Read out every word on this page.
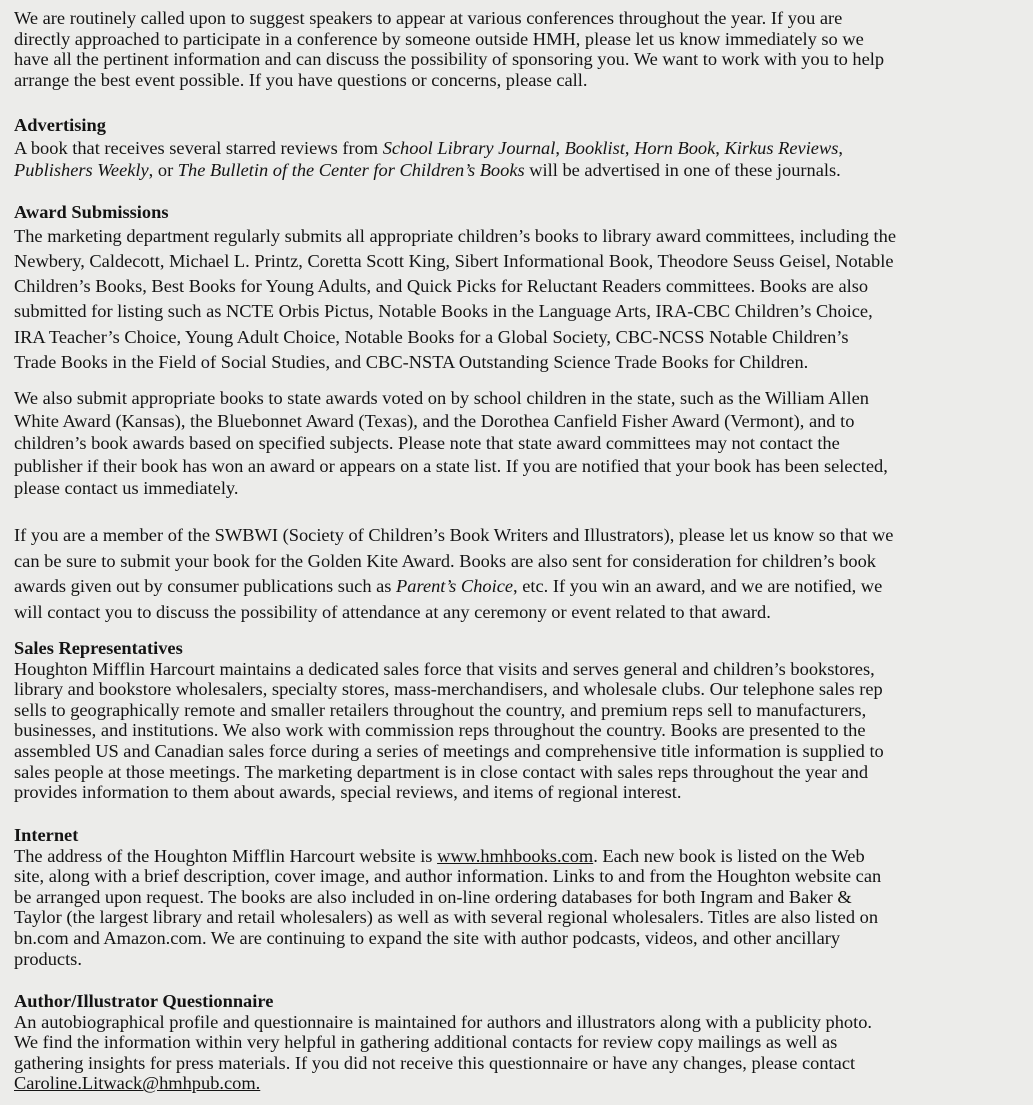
We are routinely called upon to suggest speakers to appear at various conferences throughout the year. If you are
directly approached to participate in a conference by someone outside HMH, please let us know immediately so we
have all the pertinent information and can discuss the possibility of sponsoring you. We want to work with you to help
arrange the best event possible. If you have questions or concerns, please call.
Advertising
A book that receives several starred reviews from School Library Journal, Booklist, Horn Book, Kirkus Reviews,
Publishers Weekly, or The Bulletin of the Center for Children’s Books will be advertised in one of these journals.
Award Submissions
The marketing department regularly submits all appropriate children’s books to library award committees, including the
Newbery, Caldecott, Michael L. Printz, Coretta Scott King, Sibert Informational Book, Theodore Seuss Geisel, Notable
Children’s Books, Best Books for Young Adults, and Quick Picks for Reluctant Readers committees. Books are also
submitted for listing such as NCTE Orbis Pictus, Notable Books in the Language Arts, IRA-CBC Children’s Choice,
IRA Teacher’s Choice, Young Adult Choice, Notable Books for a Global Society, CBC-NCSS Notable Children’s
Trade Books in the Field of Social Studies, and CBC-NSTA Outstanding Science Trade Books for Children.
We also submit appropriate books to state awards voted on by school children in the state, such as the William Allen
White Award (Kansas), the Bluebonnet Award (Texas), and the Dorothea Canfield Fisher Award (Vermont), and to
children’s book awards based on specified subjects. Please note that state award committees may not contact the
publisher if their book has won an award or appears on a state list. If you are notified that your book has been selected,
please contact us immediately.
If you are a member of the SWBWI (Society of Children’s Book Writers and Illustrators), please let us know so that we
can be sure to submit your book for the Golden Kite Award. Books are also sent for consideration for children’s book
awards given out by consumer publications such as Parent’s Choice, etc. If you win an award, and we are notified, we
will contact you to discuss the possibility of attendance at any ceremony or event related to that award.
Sales Representatives
Houghton Mifflin Harcourt maintains a dedicated sales force that visits and serves general and children’s bookstores,
library and bookstore wholesalers, specialty stores, mass-merchandisers, and wholesale clubs. Our telephone sales rep
sells to geographically remote and smaller retailers throughout the country, and premium reps sell to manufacturers,
businesses, and institutions. We also work with commission reps throughout the country. Books are presented to the
assembled US and Canadian sales force during a series of meetings and comprehensive title information is supplied to
sales people at those meetings. The marketing department is in close contact with sales reps throughout the year and
provides information to them about awards, special reviews, and items of regional interest.
Internet
The address of the Houghton Mifflin Harcourt website is www.hmhbooks.com. Each new book is listed on the Web
site, along with a brief description, cover image, and author information. Links to and from the Houghton website can
be arranged upon request. The books are also included in on-line ordering databases for both Ingram and Baker &
Taylor (the largest library and retail wholesalers) as well as with several regional wholesalers. Titles are also listed on
bn.com and Amazon.com. We are continuing to expand the site with author podcasts, videos, and other ancillary
products.
Author/Illustrator Questionnaire
An autobiographical profile and questionnaire is maintained for authors and illustrators along with a publicity photo.
We find the information within very helpful in gathering additional contacts for review copy mailings as well as
gathering insights for press materials. If you did not receive this questionnaire or have any changes, please contact
Caroline.Litwack@hmhpub.com.
